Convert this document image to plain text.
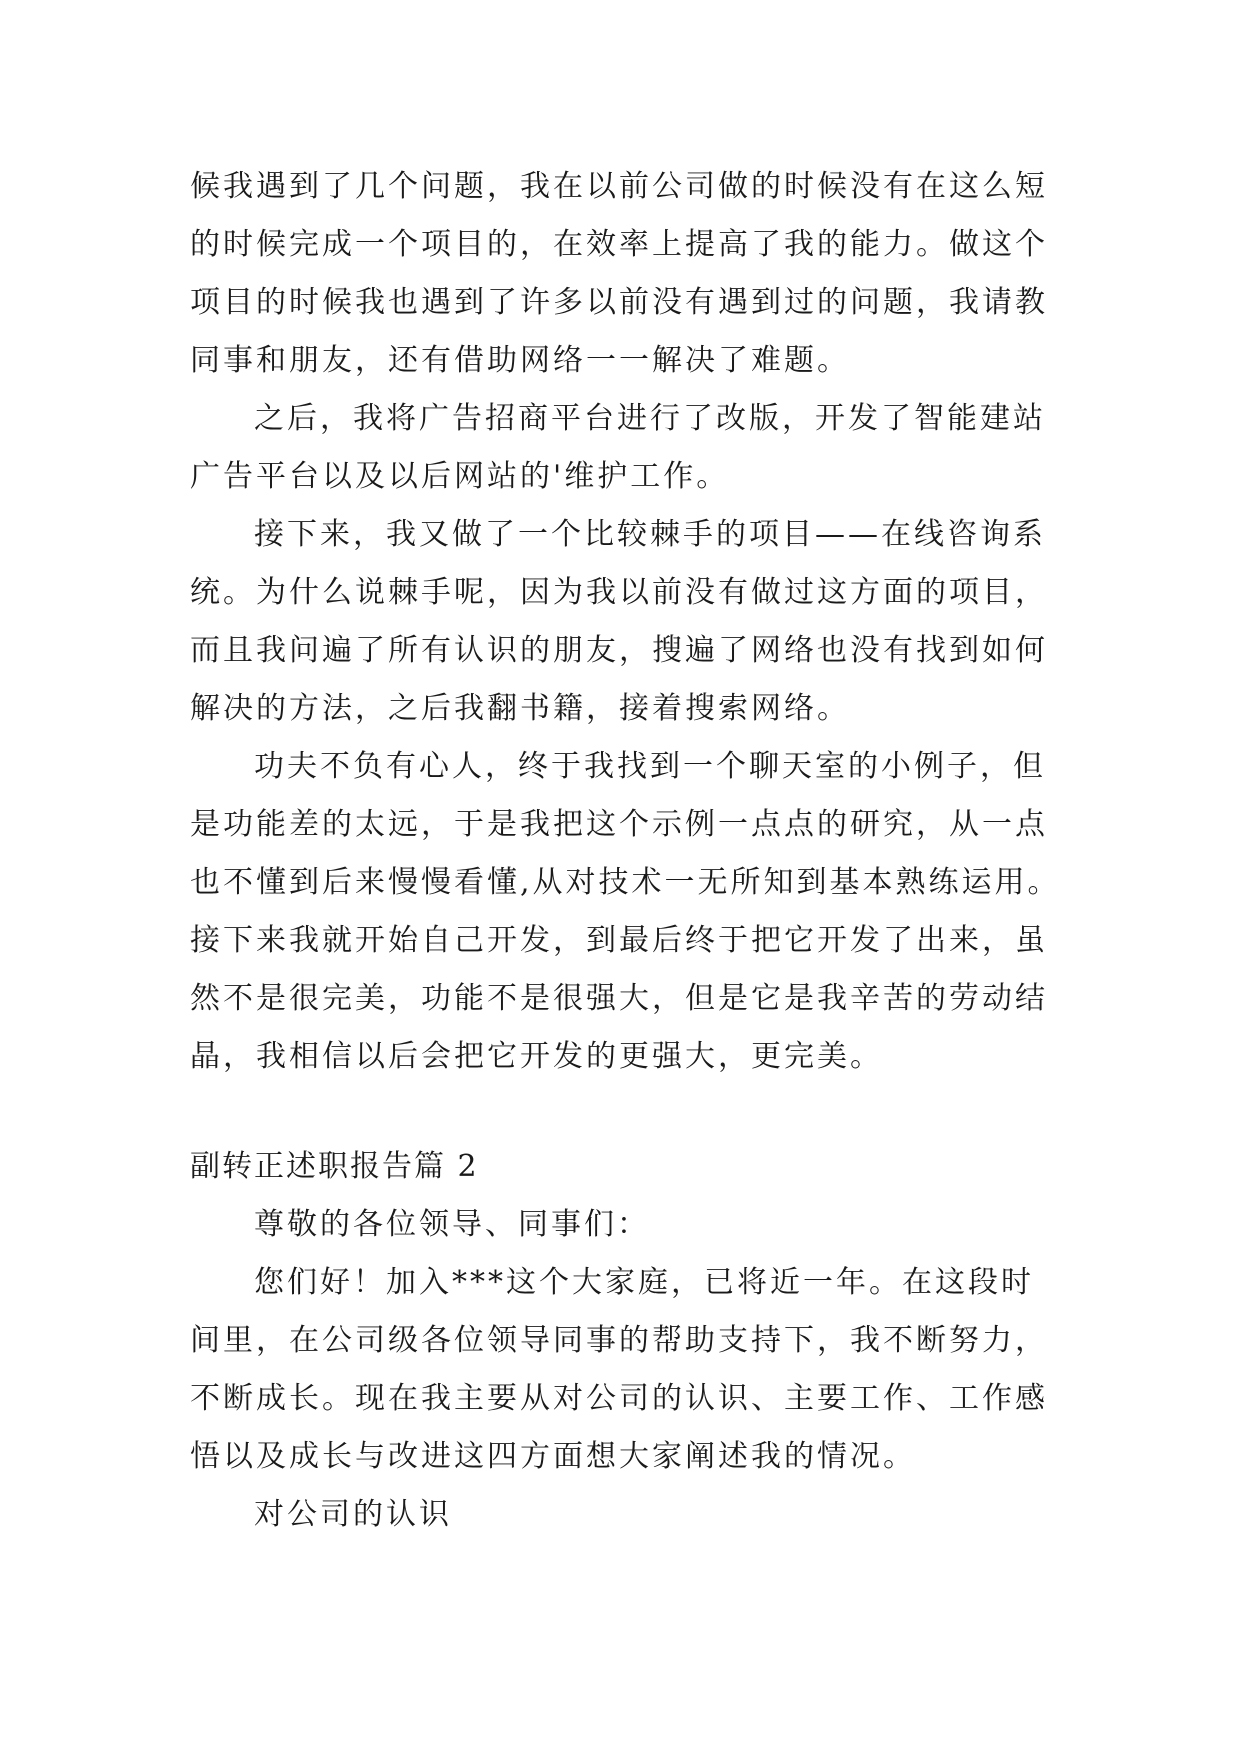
候我遇到了几个问题，我在以前公司做的时候没有在这么短
的时候完成一个项目的，在效率上提高了我的能力。做这个
项目的时候我也遇到了许多以前没有遇到过的问题，我请教
同事和朋友，还有借助网络一一解决了难题。
之后，我将广告招商平台进行了改版，开发了智能建站
广告平台以及以后网站的'维护工作。
接下来，我又做了一个比较棘手的项目——在线咨询系
统。为什么说棘手呢，因为我以前没有做过这方面的项目，
而且我问遍了所有认识的朋友，搜遍了网络也没有找到如何
解决的方法，之后我翻书籍，接着搜索网络。
功夫不负有心人，终于我找到一个聊天室的小例子，但
是功能差的太远，于是我把这个示例一点点的研究，从一点
也不懂到后来慢慢看懂,从对技术一无所知到基本熟练运用。
接下来我就开始自己开发，到最后终于把它开发了出来，虽
然不是很完美，功能不是很强大，但是它是我辛苦的劳动结
晶，我相信以后会把它开发的更强大，更完美。
副转正述职报告篇 2
尊敬的各位领导、同事们：
您们好！加入***这个大家庭，已将近一年。在这段时
间里，在公司级各位领导同事的帮助支持下，我不断努力，
不断成长。现在我主要从对公司的认识、主要工作、工作感
悟以及成长与改进这四方面想大家阐述我的情况。
对公司的认识
